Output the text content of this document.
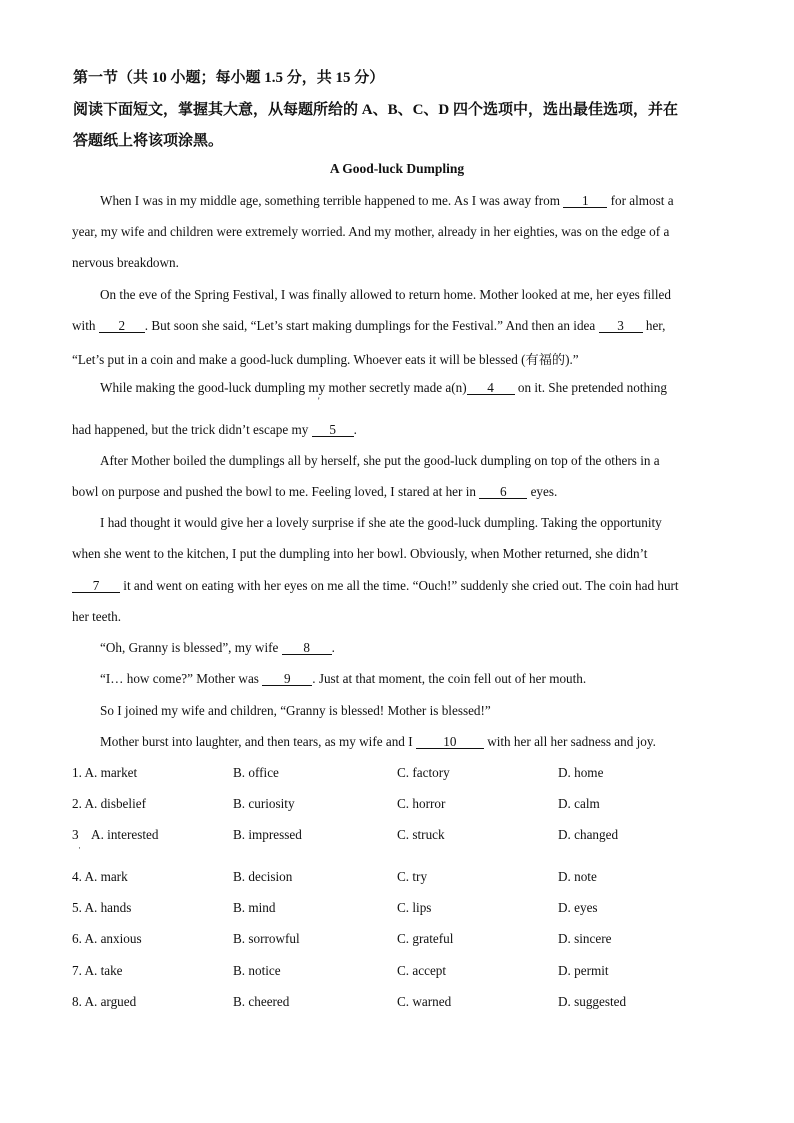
第一节（共 10 小题；每小题 1.5 分，共 15 分）
阅读下面短文，掌握其大意，从每题所给的 A、B、C、D 四个选项中，选出最佳选项，并在
答题纸上将该项涂黑。
A Good-luck Dumpling
When I was in my middle age, something terrible happened to me. As I was away from 1 for almost a
year, my wife and children were extremely worried. And my mother, already in her eighties, was on the edge of a
nervous breakdown.
On the eve of the Spring Festival, I was finally allowed to return home. Mother looked at me, her eyes filled
with 2 . But soon she said, “Let’s start making dumplings for the Festival.” And then an idea 3 her,
“Let’s put in a coin and make a good-luck dumpling. Whoever eats it will be blessed (有福的).”
While making the good-luck dumpling my mother secretly made a(n) 4 on it. She pretended nothing
'
had happened, but the trick didn’t escape my 5 .
After Mother boiled the dumplings all by herself, she put the good-luck dumpling on top of the others in a
bowl on purpose and pushed the bowl to me. Feeling loved, I stared at her in 6 eyes.
I had thought it would give her a lovely surprise if she ate the good-luck dumpling. Taking the opportunity
when she went to the kitchen, I put the dumpling into her bowl. Obviously, when Mother returned, she didn’t
7 it and went on eating with her eyes on me all the time. “Ouch!” suddenly she cried out. The coin had hurt
her teeth.
“Oh, Granny is blessed”, my wife 8 .
“I… how come?” Mother was 9 . Just at that moment, the coin fell out of her mouth.
So I joined my wife and children, “Granny is blessed! Mother is blessed!”
Mother burst into laughter, and then tears, as my wife and I 10 with her all her sadness and joy.
1. A. market	B. office	C. factory	D. home
2. A. disbelief	B. curiosity	C. horror	D. calm
3    A. interested	B. impressed	C. struck	D. changed
·
4. A. mark	B. decision	C. try	D. note
5. A. hands	B. mind	C. lips	D. eyes
6. A. anxious	B. sorrowful	C. grateful	D. sincere
7. A. take	B. notice	C. accept	D. permit
8. A. argued	B. cheered	C. warned	D. suggested
